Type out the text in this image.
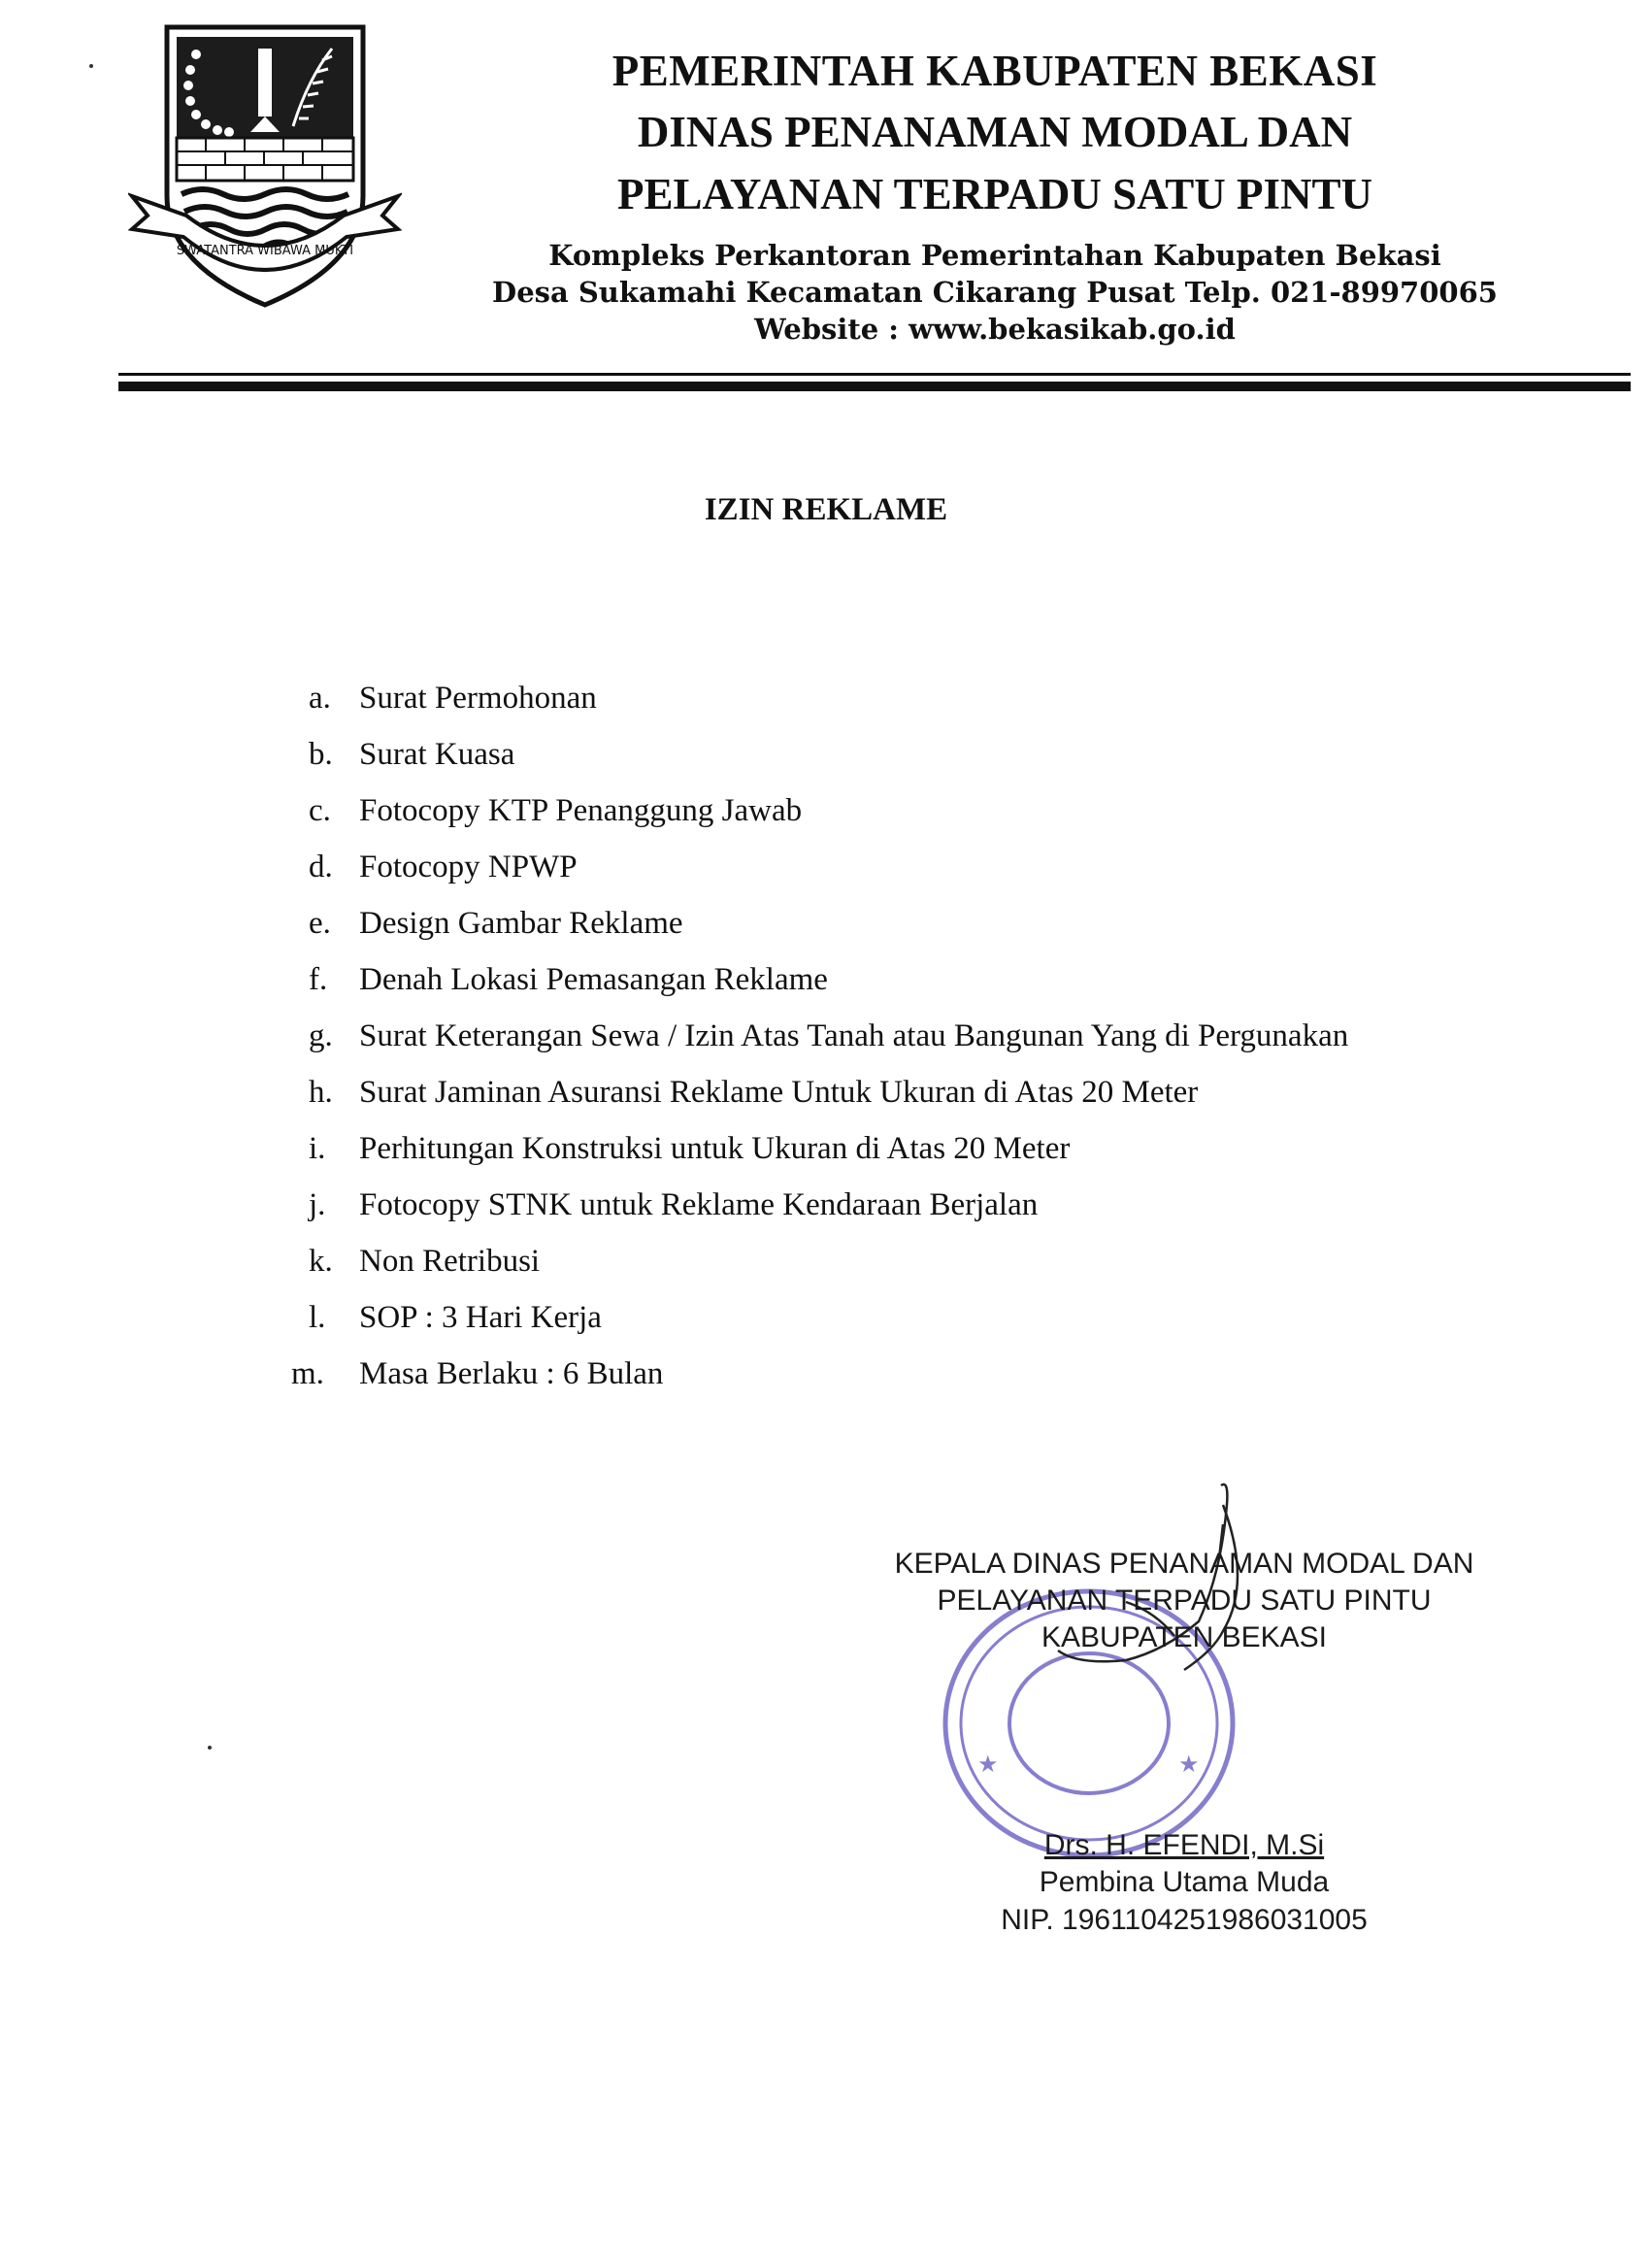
SWATANTRA WIBAWA MUKTI
PEMERINTAH KABUPATEN BEKASI
DINAS PENANAMAN MODAL DAN
PELAYANAN TERPADU SATU PINTU
Kompleks Perkantoran Pemerintahan Kabupaten Bekasi
Desa Sukamahi Kecamatan Cikarang Pusat Telp. 021-89970065
Website : www.bekasikab.go.id
IZIN REKLAME
a. Surat Permohonan
b. Surat Kuasa
c. Fotocopy KTP Penanggung Jawab
d. Fotocopy NPWP
e. Design Gambar Reklame
f. Denah Lokasi Pemasangan Reklame
g. Surat Keterangan Sewa / Izin Atas Tanah atau Bangunan Yang di Pergunakan
h. Surat Jaminan Asuransi Reklame Untuk Ukuran di Atas 20 Meter
i.	Perhitungan Konstruksi untuk Ukuran di Atas 20 Meter
j.	Fotocopy STNK untuk Reklame Kendaraan Berjalan
k. Non Retribusi
l.	SOP : 3 Hari Kerja
m.	Masa Berlaku : 6 Bulan
★	★
KEPALA DINAS PENANAMAN MODAL DAN
PELAYANAN TERPADU SATU PINTU
KABUPATEN BEKASI
Drs. H. EFENDI, M.Si
Pembina Utama Muda
NIP. 1961104251986031005
